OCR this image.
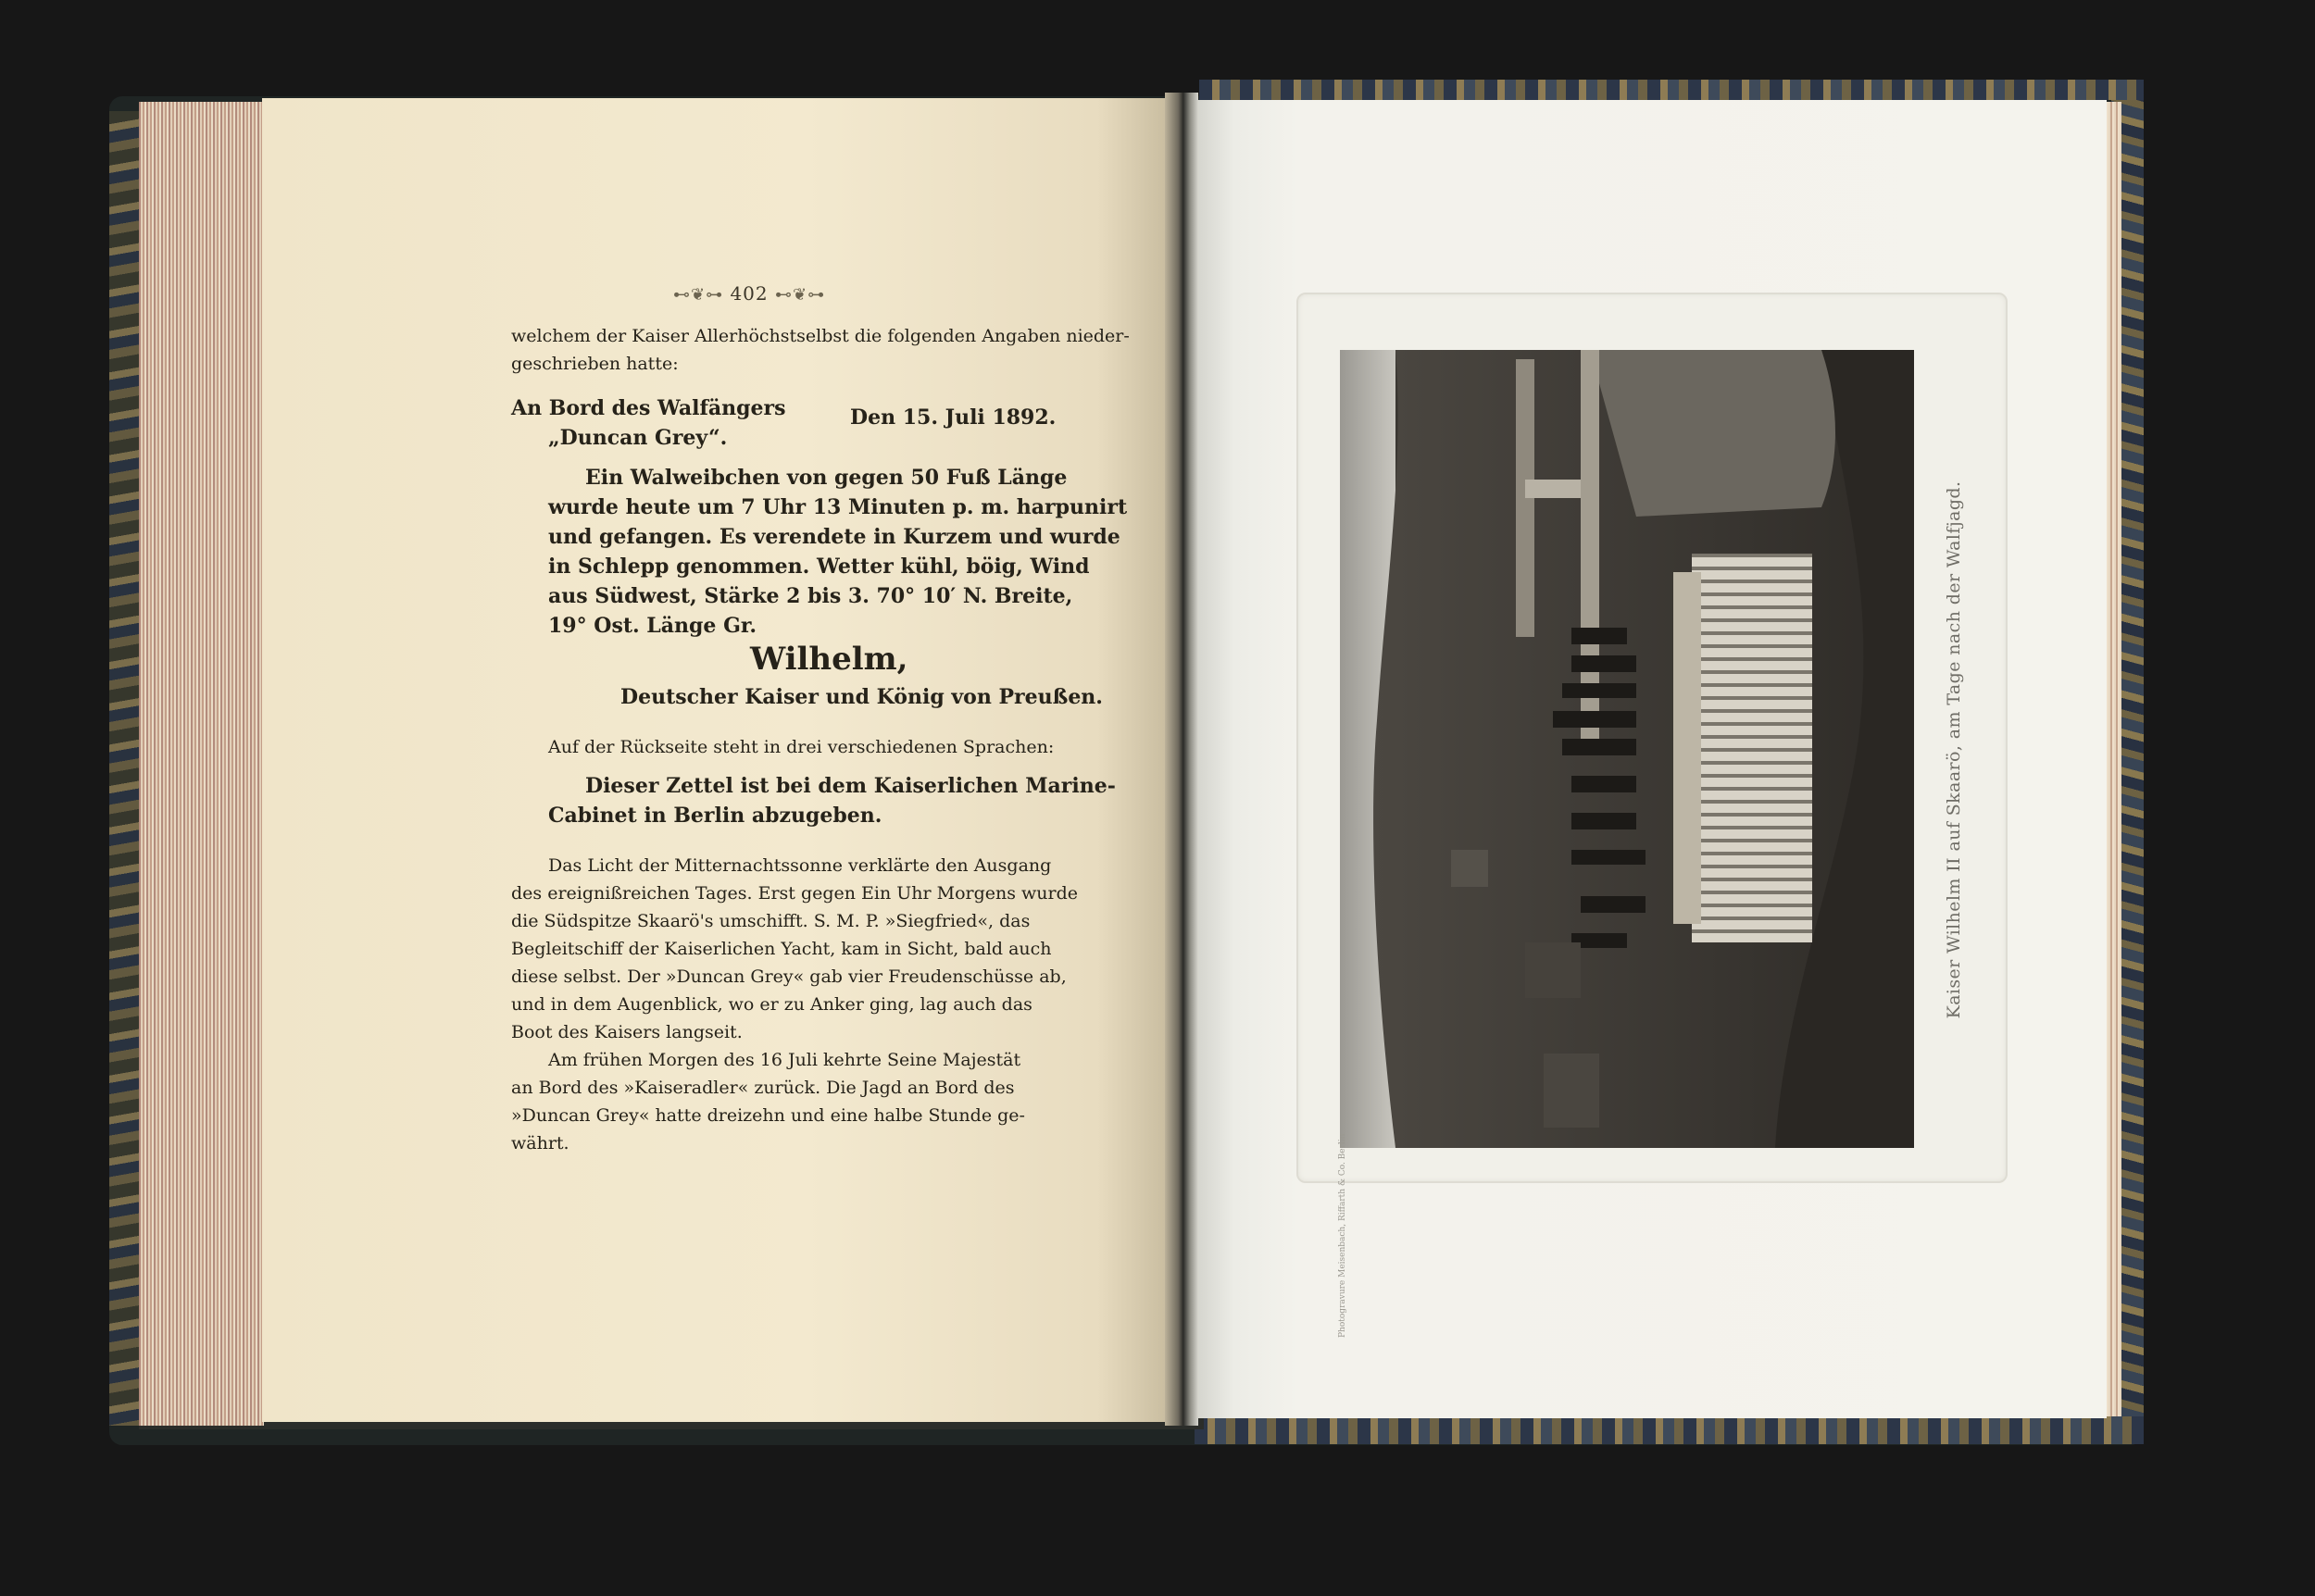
⊷❦⊶ 402 ⊷❦⊶
welchem der Kaiser Allerhöchstselbst die folgenden Angaben nieder-
geschrieben hatte:
An Bord des Walfängers	Den 15. Juli 1892.
„Duncan Grey“.
Ein Walweibchen von gegen 50 Fuß Länge
wurde heute um 7 Uhr 13 Minuten p. m. harpunirt
und gefangen. Es verendete in Kurzem und wurde
in Schlepp genommen. Wetter kühl, böig, Wind
aus Südwest, Stärke 2 bis 3. 70° 10′ N. Breite,
19° Ost. Länge Gr.
Wilhelm,
Deutscher Kaiser und König von Preußen.
Auf der Rückseite steht in drei verschiedenen Sprachen:
Dieser Zettel ist bei dem Kaiserlichen Marine-
Cabinet in Berlin abzugeben.
Das Licht der Mitternachtssonne verklärte den Ausgang
des ereignißreichen Tages. Erst gegen Ein Uhr Morgens wurde
die Südspitze Skaarö's umschifft. S. M. P. »Siegfried«, das
Begleitschiff der Kaiserlichen Yacht, kam in Sicht, bald auch
diese selbst. Der »Duncan Grey« gab vier Freudenschüsse ab,
und in dem Augenblick, wo er zu Anker ging, lag auch das
Boot des Kaisers langseit.
Am frühen Morgen des 16 Juli kehrte Seine Majestät
an Bord des »Kaiseradler« zurück. Die Jagd an Bord des
»Duncan Grey« hatte dreizehn und eine halbe Stunde ge-
währt.	Photogravure Meisenbach, Riffarth & Co. Berlin
Kaiser Wilhelm II auf Skaarö, am Tage nach der Walfjagd.
